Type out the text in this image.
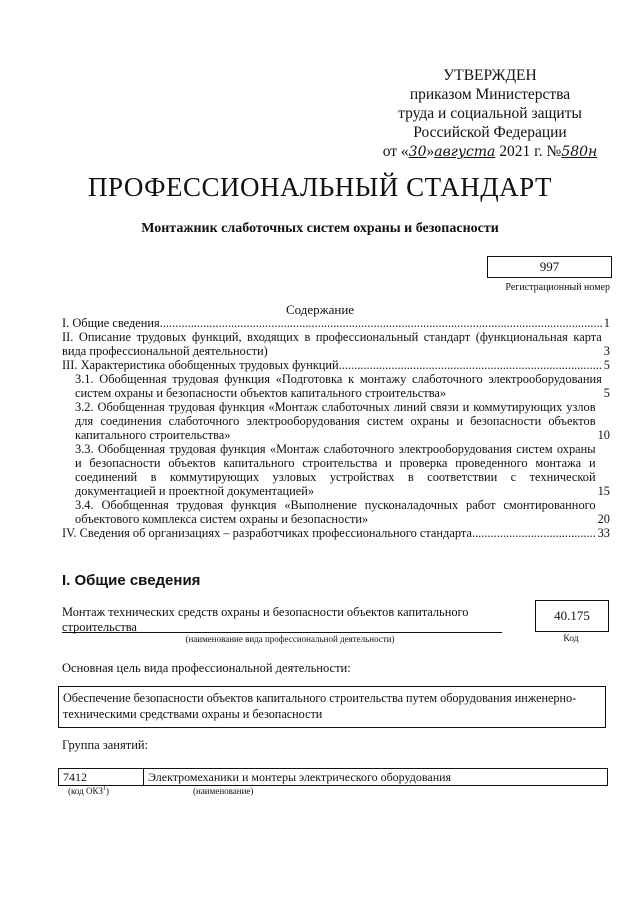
УТВЕРЖДЕН
приказом Министерства
труда и социальной защиты
Российской Федерации
от «30»августа 2021 г. №580н
ПРОФЕССИОНАЛЬНЫЙ СТАНДАРТ
Монтажник слаботочных систем охраны и безопасности
997
Регистрационный номер
Содержание

I. Общие сведения .....	1

II. Описание трудовых функций, входящих в профессиональный стандарт (функциональная карта вида профессиональной деятельности)	3

III. Характеристика обобщенных трудовых функций .....	5

3.1. Обобщенная трудовая функция «Подготовка к монтажу слаботочного электрооборудования систем охраны и безопасности объектов капитального строительства»	5

3.2. Обобщенная трудовая функция «Монтаж слаботочных линий связи и коммутирующих узлов для соединения слаботочного электрооборудования систем охраны и безопасности объектов капитального строительства»	10

3.3. Обобщенная трудовая функция «Монтаж слаботочного электрооборудования систем охраны и безопасности объектов капитального строительства и проверка проведенного монтажа и соединений в коммутирующих узловых устройствах в соответствии с технической документацией и проектной документацией»	15

3.4. Обобщенная трудовая функция «Выполнение пусконаладочных работ смонтированного объектового комплекса систем охраны и безопасности»	20

IV. Сведения об организациях – разработчиках профессионального стандарта .....	33

I. Общие сведения
Монтаж технических средств охраны и безопасности объектов капитального строительства
(наименование вида профессиональной деятельности)
40.175
Код
Основная цель вида профессиональной деятельности:
Обеспечение безопасности объектов капитального строительства путем оборудования инженерно-техническими средствами охраны и безопасности
Группа занятий:
7412	Электромеханики и монтеры электрического оборудования
(код ОКЗ$^1$)	(наименование)
